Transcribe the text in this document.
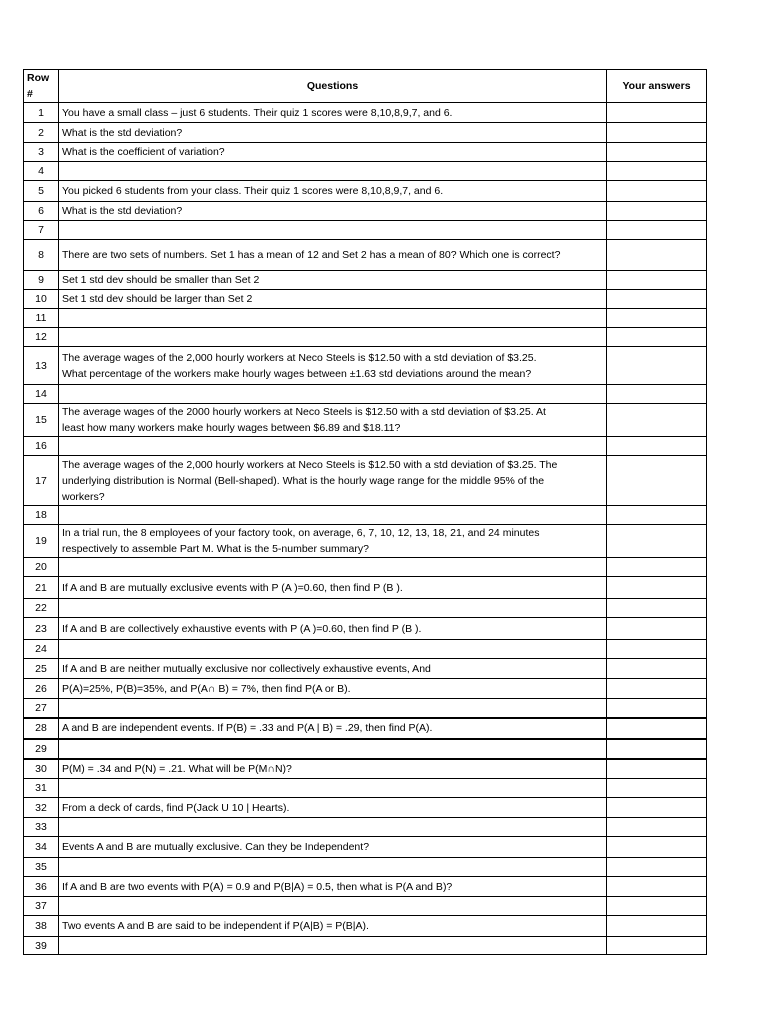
Row #	Questions	Your answers
1	You have a small class – just 6 students. Their quiz 1 scores were 8,10,8,9,7, and 6.	
2	What is the std deviation?	
3	What is the coefficient of variation?	
4		
5	You picked 6 students from your class. Their quiz 1 scores were 8,10,8,9,7, and 6.	
6	What is the std deviation?	
7		
8	There are two sets of numbers. Set 1 has a mean of 12 and Set 2 has a mean of 80? Which one is correct?	
9	Set 1 std dev should be smaller than Set 2	
10	Set 1 std dev should be larger than Set 2	
11		
12		
13	The average wages of the 2,000 hourly workers at Neco Steels is $12.50 with a std deviation of $3.25.
What percentage of the workers make hourly wages between ±1.63 std deviations around the mean?	
14		
15	The average wages of the 2000 hourly workers at Neco Steels is $12.50 with a std deviation of $3.25. At
least how many workers make hourly wages between $6.89 and $18.11?	
16		
17	The average wages of the 2,000 hourly workers at Neco Steels is $12.50 with a std deviation of $3.25. The
underlying distribution is Normal (Bell-shaped). What is the hourly wage range for the middle 95% of the
workers?	
18		
19	In a trial run, the 8 employees of your factory took, on average, 6, 7, 10, 12, 13, 18, 21, and 24 minutes
respectively to assemble Part M. What is the 5-number summary?	
20		
21	If A and B are mutually exclusive events with P (A )=0.60, then find P (B ).	
22		
23	If A and B are collectively exhaustive events with P (A )=0.60, then find P (B ).	
24		
25	If A and B are neither mutually exclusive nor collectively exhaustive events, And	
26	P(A)=25%, P(B)=35%, and P(A∩ B) = 7%, then find P(A or B).	
27		
28	A and B are independent events. If P(B) = .33 and P(A | B) = .29, then find P(A).	
29		
30	P(M) = .34 and P(N) = .21. What will be P(M∩N)?	
31		
32	From a deck of cards, find P(Jack U 10 | Hearts).	
33		
34	Events A and B are mutually exclusive. Can they be Independent?	
35		
36	If A and B are two events with P(A) = 0.9 and P(B|A) = 0.5, then what is P(A and B)?	
37		
38	Two events A and B are said to be independent if P(A|B) = P(B|A).	
39		
